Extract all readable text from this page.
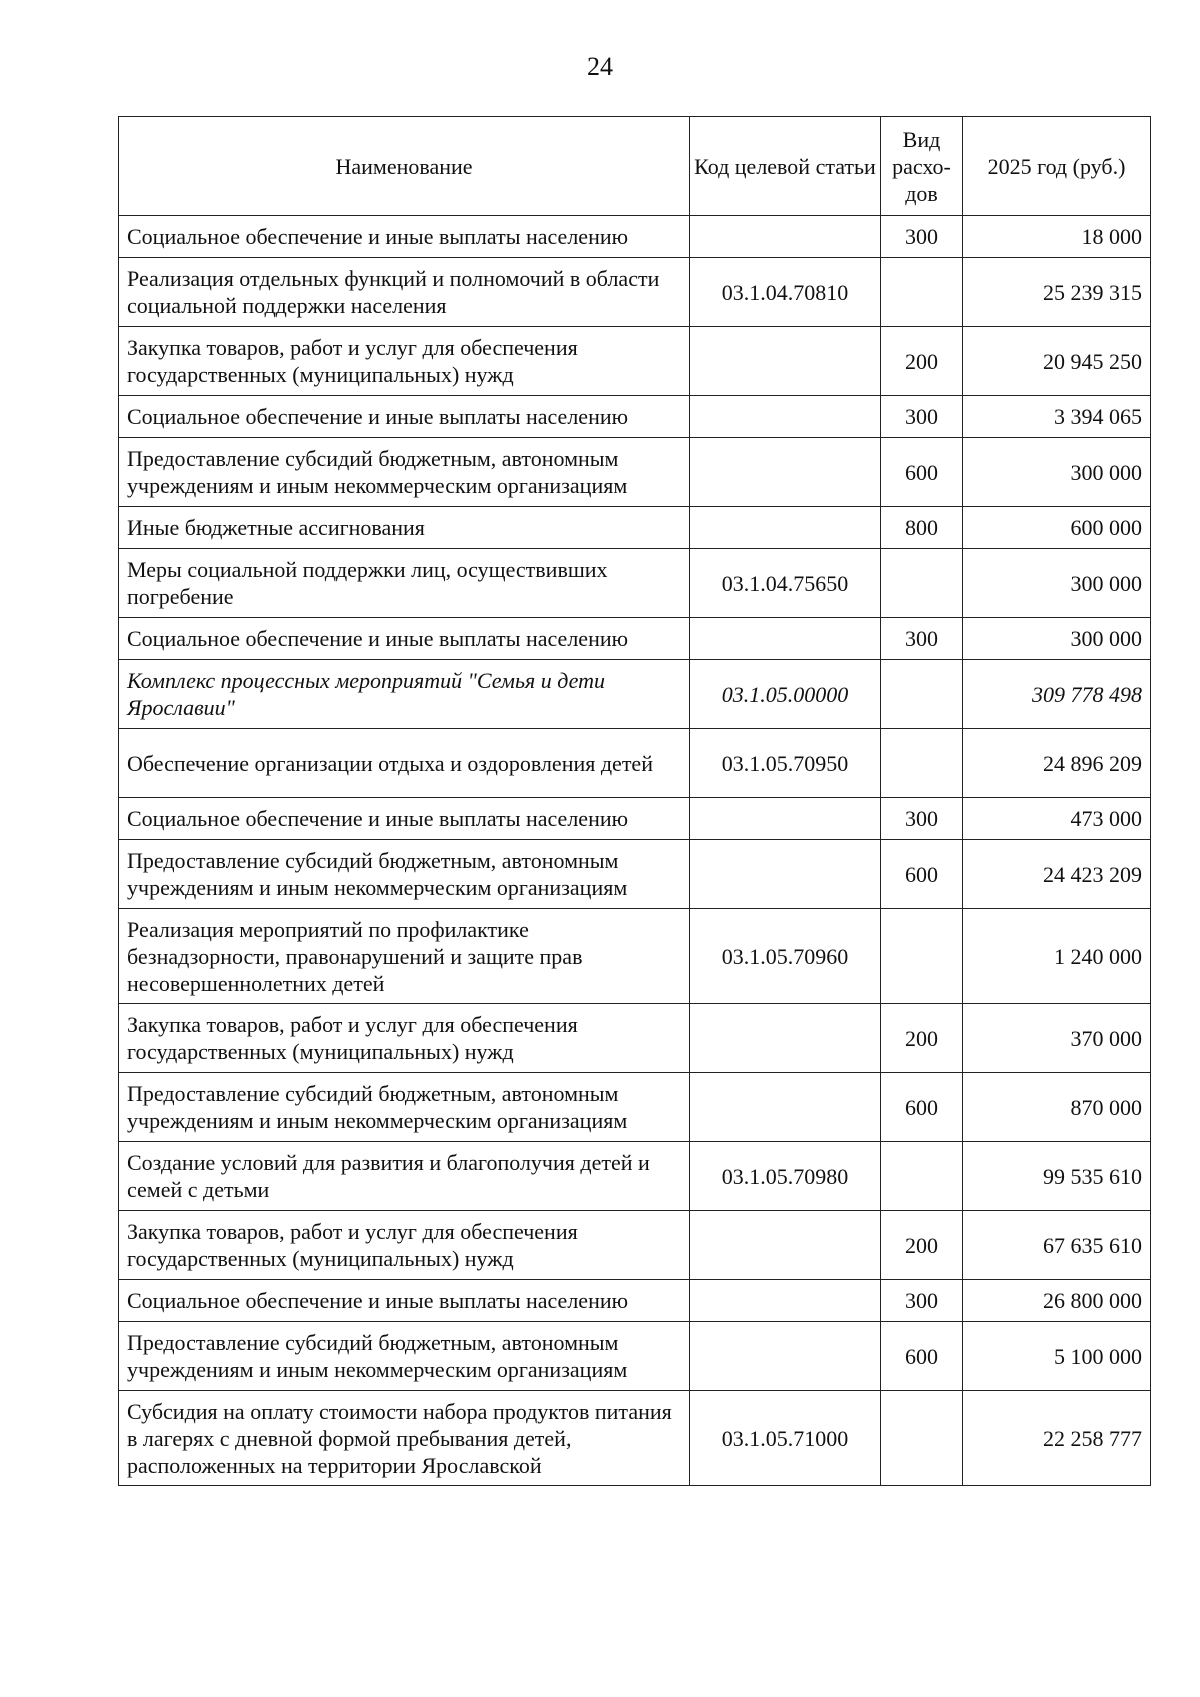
24
Наименование	Код целевой статьи	Вид расхо-дов	2025 год (руб.)
Социальное обеспечение и иные выплаты населению		300	18 000
Реализация отдельных функций и полномочий в области социальной поддержки населения	03.1.04.70810		25 239 315
Закупка товаров, работ и услуг для обеспечения государственных (муниципальных) нужд		200	20 945 250
Социальное обеспечение и иные выплаты населению		300	3 394 065
Предоставление субсидий бюджетным, автономным учреждениям и иным некоммерческим организациям		600	300 000
Иные бюджетные ассигнования		800	600 000
Меры социальной поддержки лиц, осуществивших погребение	03.1.04.75650		300 000
Социальное обеспечение и иные выплаты населению		300	300 000
Комплекс процессных мероприятий "Семья и дети Ярославии"	03.1.05.00000		309 778 498
Обеспечение организации отдыха и оздоровления детей	03.1.05.70950		24 896 209
Социальное обеспечение и иные выплаты населению		300	473 000
Предоставление субсидий бюджетным, автономным учреждениям и иным некоммерческим организациям		600	24 423 209
Реализация мероприятий по профилактике безнадзорности, правонарушений и защите прав несовершеннолетних детей	03.1.05.70960		1 240 000
Закупка товаров, работ и услуг для обеспечения государственных (муниципальных) нужд		200	370 000
Предоставление субсидий бюджетным, автономным учреждениям и иным некоммерческим организациям		600	870 000
Создание условий для развития и благополучия детей и семей с детьми	03.1.05.70980		99 535 610
Закупка товаров, работ и услуг для обеспечения государственных (муниципальных) нужд		200	67 635 610
Социальное обеспечение и иные выплаты населению		300	26 800 000
Предоставление субсидий бюджетным, автономным учреждениям и иным некоммерческим организациям		600	5 100 000
Субсидия на оплату стоимости набора продуктов питания в лагерях с дневной формой пребывания детей, расположенных на территории Ярославской	03.1.05.71000		22 258 777
